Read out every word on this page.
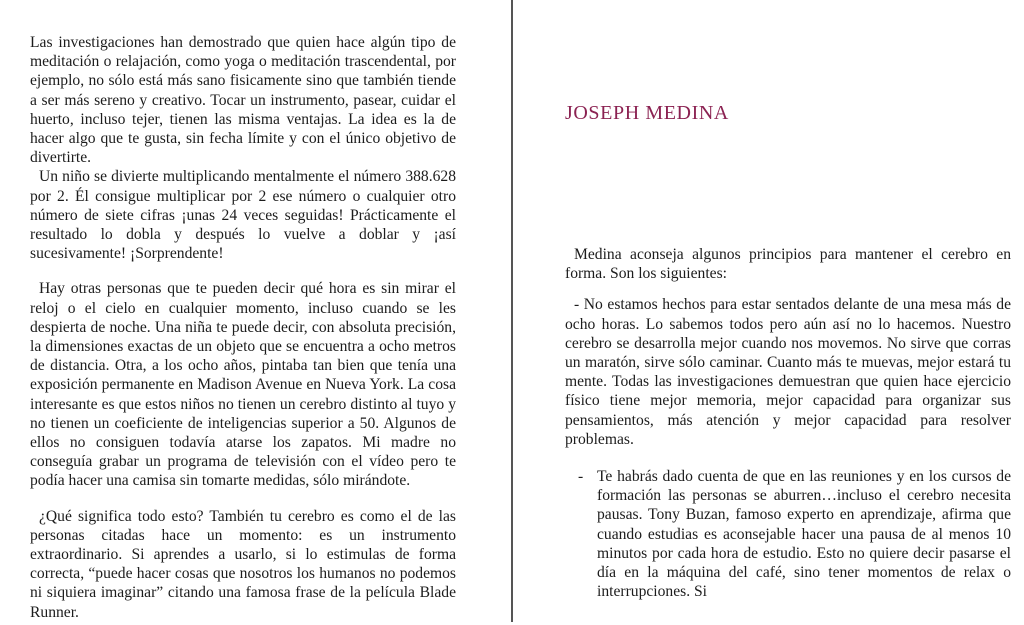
Las investigaciones han demostrado que quien hace algún tipo de meditación o relajación, como yoga o meditación trascendental, por ejemplo, no sólo está más sano fisicamente sino que también tiende a ser más sereno y creativo. Tocar un instrumento, pasear, cuidar el huerto, incluso tejer, tienen las misma ventajas. La idea es la de hacer algo que te gusta, sin fecha límite y con el único objetivo de divertirte.

Un niño se divierte multiplicando mentalmente el número 388.628 por 2. Él consigue multiplicar por 2 ese número o cualquier otro número de siete cifras ¡unas 24 veces seguidas! Prácticamente el resultado lo dobla y después lo vuelve a doblar y ¡así sucesivamente! ¡Sorprendente!

Hay otras personas que te pueden decir qué hora es sin mirar el reloj o el cielo en cualquier momento, incluso cuando se les despierta de noche. Una niña te puede decir, con absoluta precisión, la dimensiones exactas de un objeto que se encuentra a ocho metros de distancia. Otra, a los ocho años, pintaba tan bien que tenía una exposición permanente en Madison Avenue en Nueva York. La cosa interesante es que estos niños no tienen un cerebro distinto al tuyo y no tienen un coeficiente de inteligencias superior a 50. Algunos de ellos no consiguen todavía atarse los zapatos. Mi madre no conseguía grabar un programa de televisión con el vídeo pero te podía hacer una camisa sin tomarte medidas, sólo mirándote.

¿Qué significa todo esto? También tu cerebro es como el de las personas citadas hace un momento: es un instrumento extraordinario. Si aprendes a usarlo, si lo estimulas de forma correcta, “puede hacer cosas que nosotros los humanos no podemos ni siquiera imaginar” citando una famosa frase de la película Blade Runner.

JOSEPH MEDINA

Medina aconseja algunos principios para mantener el cerebro en forma. Son los siguientes:

- No estamos hechos para estar sentados delante de una mesa más de ocho horas. Lo sabemos todos pero aún así no lo hacemos. Nuestro cerebro se desarrolla mejor cuando nos movemos. No sirve que corras un maratón, sirve sólo caminar. Cuanto más te muevas, mejor estará tu mente. Todas las investigaciones demuestran que quien hace ejercicio físico tiene mejor memoria, mejor capacidad para organizar sus pensamientos, más atención y mejor capacidad para resolver problemas.

- Te habrás dado cuenta de que en las reuniones y en los cursos de formación las personas se aburren…incluso el cerebro necesita pausas. Tony Buzan, famoso experto en aprendizaje, afirma que cuando estudias es aconsejable hacer una pausa de al menos 10 minutos por cada hora de estudio. Esto no quiere decir pasarse el día en la máquina del café, sino tener momentos de relax o interrupciones. Si
